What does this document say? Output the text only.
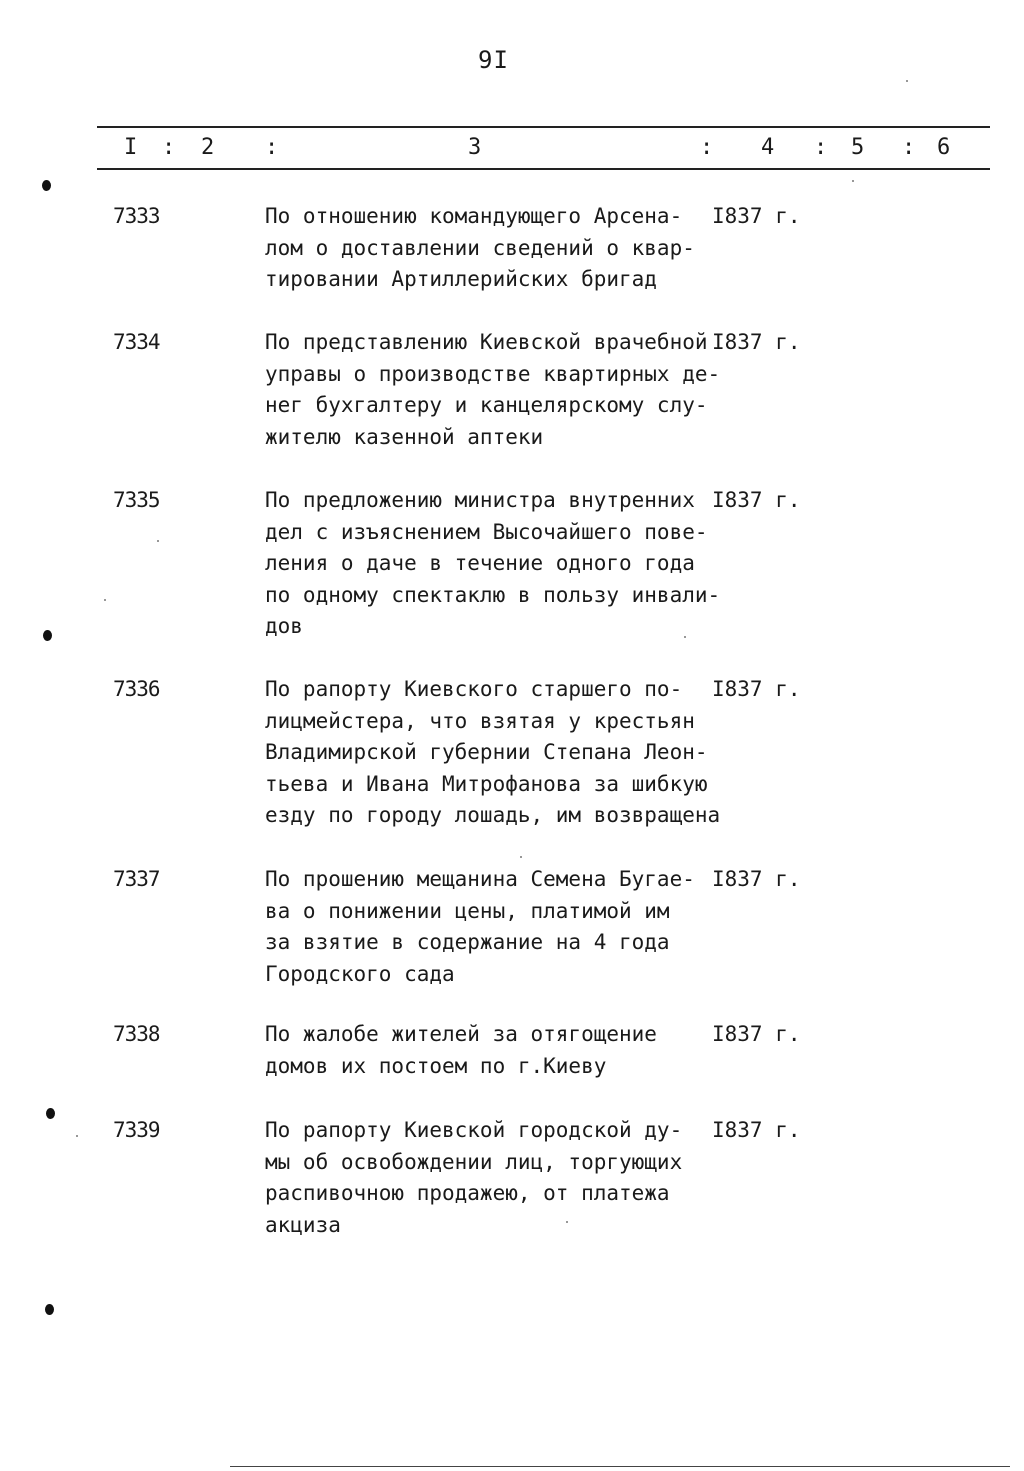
9I
I : 2 :	3	: 4 : 5 : 6
7333	По отношению командующего Арсена-
лом о доставлении сведений о квар-
тировании Артиллерийских бригад
I837 г.
7334	По представлению Киевской врачебной
управы о производстве квартирных де-
нег бухгалтеру и канцелярскому слу-
жителю казенной аптеки
I837 г.
7335	По предложению министра внутренних
дел с изъяснением Высочайшего пове-
ления о даче в течение одного года
по одному спектаклю в пользу инвали-
дов
I837 г.
7336	По рапорту Киевского старшего по-
лицмейстера, что взятая у крестьян
Владимирской губернии Степана Леон-
тьева и Ивана Митрофанова за шибкую
езду по городу лошадь, им возвращена
I837 г.
7337	По прошению мещанина Семена Бугае-
ва о понижении цены, платимой им
за взятие в содержание на 4 года
Городского сада
I837 г.
7338	По жалобе жителей за отягощение
домов их постоем по г.Киеву
I837 г.
7339	По рапорту Киевской городской ду-
мы об освобождении лиц, торгующих
распивочною продажею, от платежа
акциза
I837 г.
